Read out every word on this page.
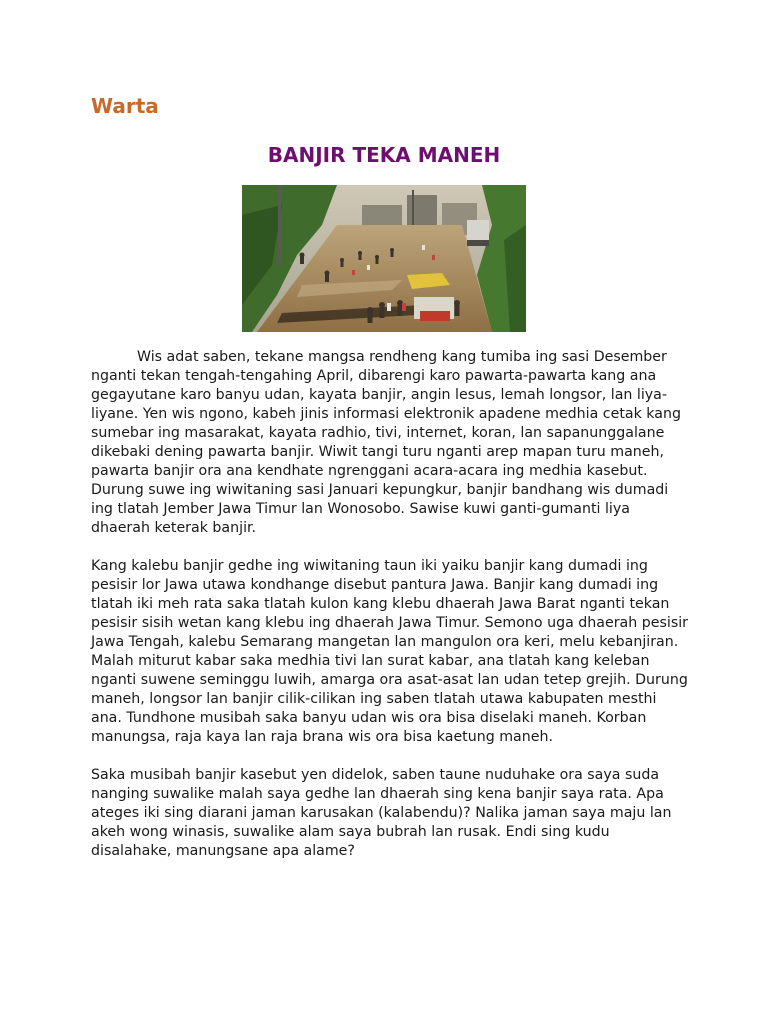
Warta
BANJIR TEKA MANEH

Wis adat saben, tekane mangsa rendheng kang tumiba ing sasi Desember nganti tekan tengah-tengahing April, dibarengi karo pawarta-pawarta kang ana gegayutane karo banyu udan, kayata banjir, angin lesus, lemah longsor, lan liya-liyane. Yen wis ngono, kabeh jinis informasi elektronik apadene medhia cetak kang sumebar ing masarakat, kayata radhio, tivi, internet, koran, lan sapanunggalane dikebaki dening pawarta banjir. Wiwit tangi turu nganti arep mapan turu maneh, pawarta banjir ora ana kendhate ngrenggani acara-acara ing medhia kasebut. Durung suwe ing wiwitaning sasi Januari kepungkur, banjir bandhang wis dumadi ing tlatah Jember Jawa Timur lan Wonosobo. Sawise kuwi ganti-gumanti liya dhaerah keterak banjir.

Kang kalebu banjir gedhe ing wiwitaning taun iki yaiku banjir kang dumadi ing pesisir lor Jawa utawa kondhange disebut pantura Jawa. Banjir kang dumadi ing tlatah iki meh rata saka tlatah kulon kang klebu dhaerah Jawa Barat nganti tekan pesisir sisih wetan kang klebu ing dhaerah Jawa Timur. Semono uga dhaerah pesisir Jawa Tengah, kalebu Semarang mangetan lan mangulon ora keri, melu kebanjiran. Malah miturut kabar saka medhia tivi lan surat kabar, ana tlatah kang keleban nganti suwene seminggu luwih, amarga ora asat-asat lan udan tetep grejih. Durung maneh, longsor lan banjir cilik-cilikan ing saben tlatah utawa kabupaten mesthi ana. Tundhone musibah saka banyu udan wis ora bisa diselaki maneh. Korban manungsa, raja kaya lan raja brana wis ora bisa kaetung maneh.

Saka musibah banjir kasebut yen didelok, saben taune nuduhake ora saya suda nanging suwalike malah saya gedhe lan dhaerah sing kena banjir saya rata. Apa ateges iki sing diarani jaman karusakan (kalabendu)? Nalika jaman saya maju lan akeh wong winasis, suwalike alam saya bubrah lan rusak. Endi sing kudu disalahake, manungsane apa alame?
